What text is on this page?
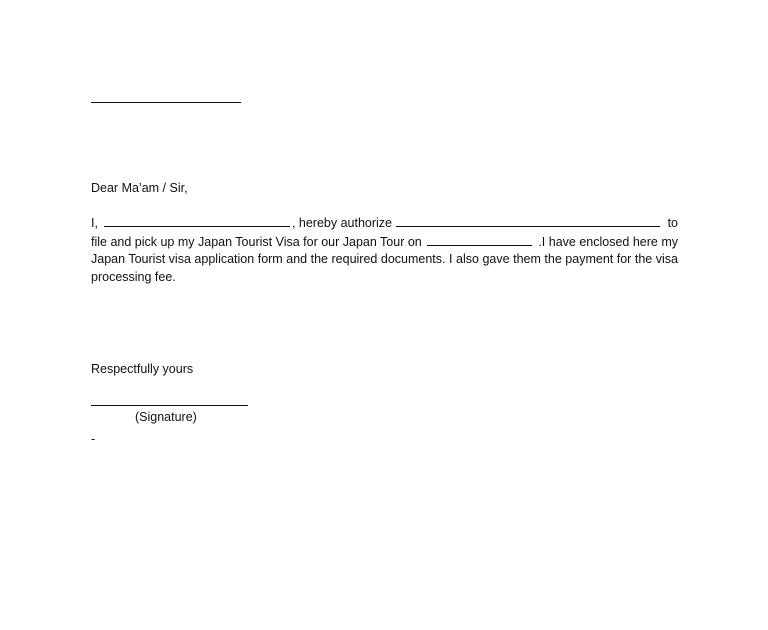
Dear Ma’am / Sir,
I,	, hereby authorize	to
file and pick up my Japan Tourist Visa for our Japan Tour on	.I have enclosed here my
Japan Tourist visa application form and the required documents. I also gave them the payment for the visa processing fee.
Respectfully yours
(Signature)
-
